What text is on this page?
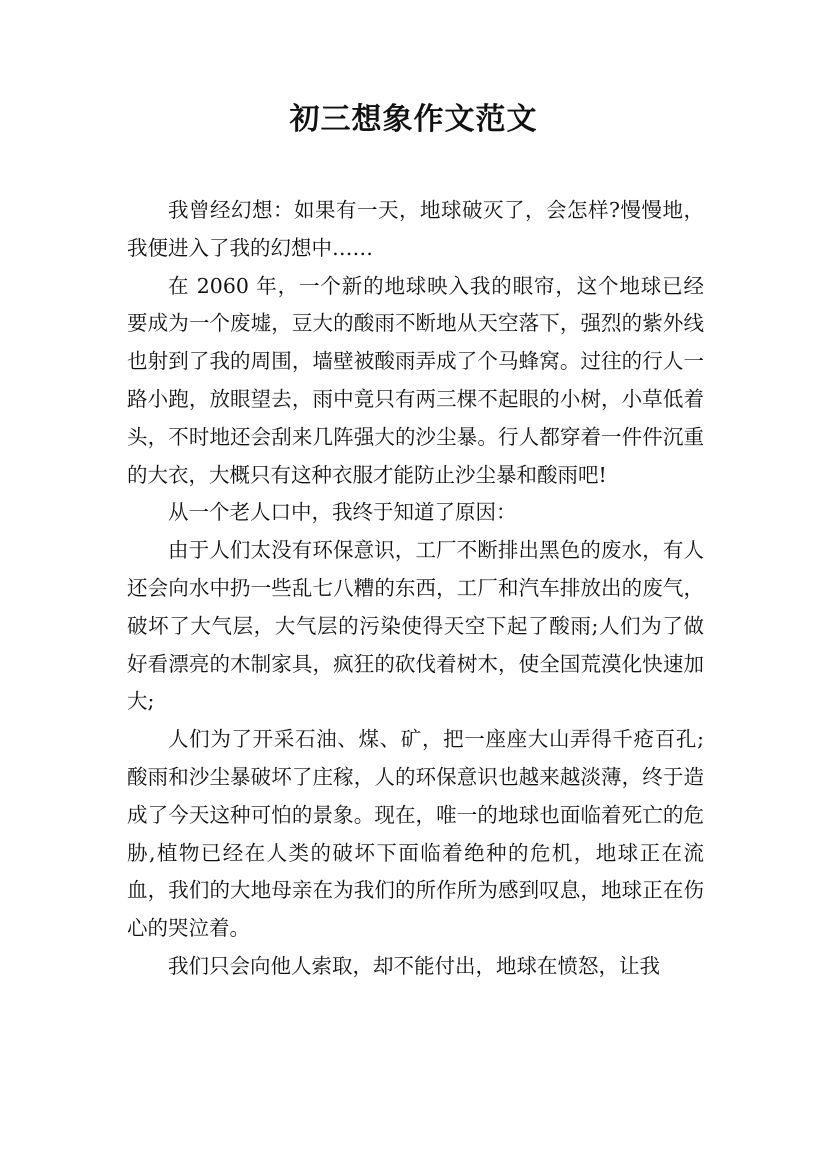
初三想象作文范文

我曾经幻想：如果有一天，地球破灭了，会怎样?慢慢地，我便进入了我的幻想中……

在 2060 年，一个新的地球映入我的眼帘，这个地球已经要成为一个废墟，豆大的酸雨不断地从天空落下，强烈的紫外线也射到了我的周围，墙壁被酸雨弄成了个马蜂窝。过往的行人一路小跑，放眼望去，雨中竟只有两三棵不起眼的小树，小草低着头，不时地还会刮来几阵强大的沙尘暴。行人都穿着一件件沉重的大衣，大概只有这种衣服才能防止沙尘暴和酸雨吧!

从一个老人口中，我终于知道了原因：

由于人们太没有环保意识，工厂不断排出黑色的废水，有人还会向水中扔一些乱七八糟的东西，工厂和汽车排放出的废气，破坏了大气层，大气层的污染使得天空下起了酸雨;人们为了做好看漂亮的木制家具，疯狂的砍伐着树木，使全国荒漠化快速加大;

人们为了开采石油、煤、矿，把一座座大山弄得千疮百孔;酸雨和沙尘暴破坏了庄稼，人的环保意识也越来越淡薄，终于造成了今天这种可怕的景象。现在，唯一的地球也面临着死亡的危胁,植物已经在人类的破坏下面临着绝种的危机，地球正在流血，我们的大地母亲在为我们的所作所为感到叹息，地球正在伤心的哭泣着。

我们只会向他人索取，却不能付出，地球在愤怒，让我
